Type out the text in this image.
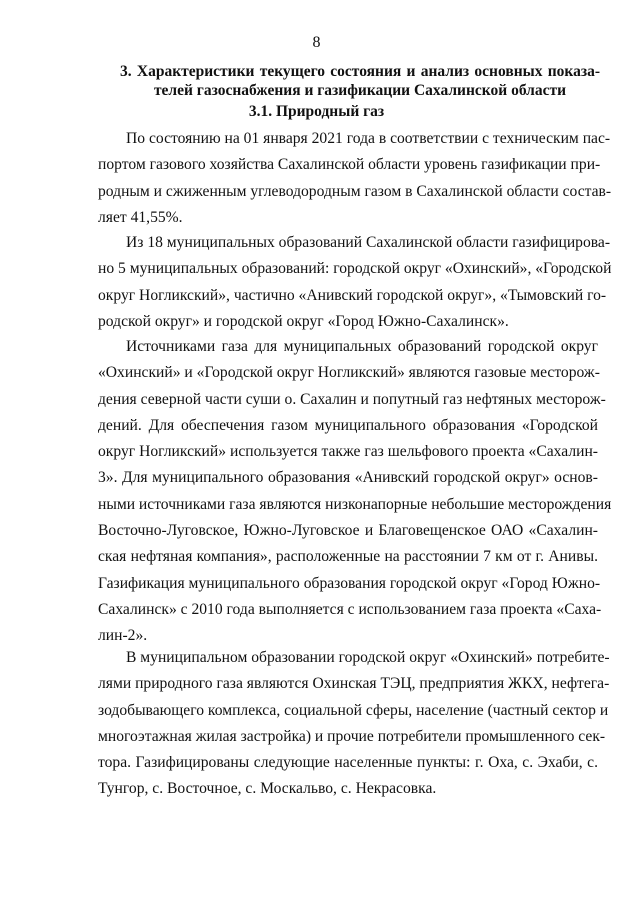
8
3. Характеристики текущего состояния и анализ основных показа-
телей газоснабжения и газификации Сахалинской области
3.1. Природный газ
По состоянию на 01 января 2021 года в соответствии с техническим пас-
портом газового хозяйства Сахалинской области уровень газификации при-
родным и сжиженным углеводородным газом в Сахалинской области состав-
ляет 41,55%.
Из 18 муниципальных образований Сахалинской области газифицирова-
но 5 муниципальных образований: городской округ «Охинский», «Городской
округ Ногликский», частично «Анивский городской округ», «Тымовский го-
родской округ» и городской округ «Город Южно-Сахалинск».
Источниками газа для муниципальных образований городской округ
«Охинский» и «Городской округ Ногликский» являются газовые месторож-
дения северной части суши о. Сахалин и попутный газ нефтяных месторож-
дений. Для обеспечения газом муниципального образования «Городской
округ Ногликский» используется также газ шельфового проекта «Сахалин-
3». Для муниципального образования «Анивский городской округ» основ-
ными источниками газа являются низконапорные небольшие месторождения
Восточно-Луговское, Южно-Луговское и Благовещенское ОАО «Сахалин-
ская нефтяная компания», расположенные на расстоянии 7 км от г. Анивы.
Газификация муниципального образования городской округ «Город Южно-
Сахалинск» с 2010 года выполняется с использованием газа проекта «Саха-
лин-2».
В муниципальном образовании городской округ «Охинский» потребите-
лями природного газа являются Охинская ТЭЦ, предприятия ЖКХ, нефтега-
зодобывающего комплекса, социальной сферы, население (частный сектор и
многоэтажная жилая застройка) и прочие потребители промышленного сек-
тора. Газифицированы следующие населенные пункты: г. Оха, с. Эхаби, с.
Тунгор, с. Восточное, с. Москальво, с. Некрасовка.
